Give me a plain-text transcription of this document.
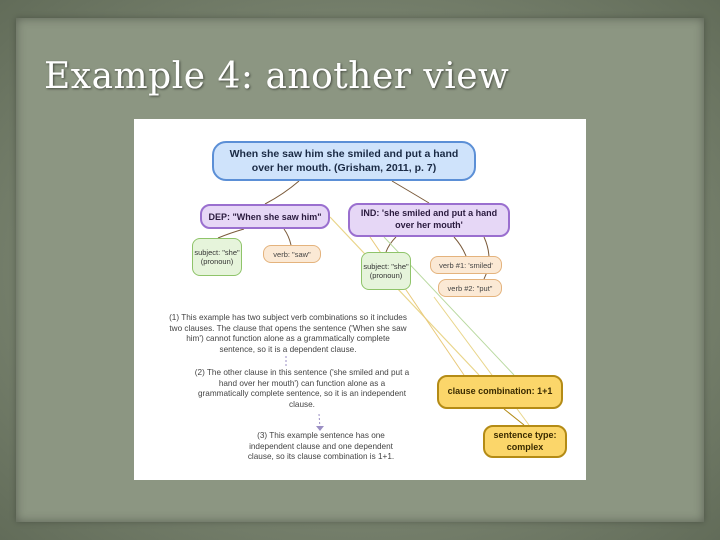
Example 4: another view
When she saw him she smiled and put a hand over her mouth. (Grisham, 2011, p. 7)
DEP: "When she saw him"	IND: 'she smiled and put a hand over her mouth'
subject: "she" (pronoun)
verb: "saw"
subject: "she" (pronoun)
verb #1: 'smiled'
verb #2: "put"
(1) This example has two subject verb combinations so it includes two clauses. The clause that opens the sentence ('When she saw him') cannot function alone as a grammatically complete sentence, so it is a dependent clause.
(2) The other clause in this sentence ('she smiled and put a hand over her mouth') can function alone as a grammatically complete sentence, so it is an independent clause.
(3) This example sentence has one independent clause and one dependent clause, so its clause combination is 1+1.
clause combination: 1+1
sentence type: complex
